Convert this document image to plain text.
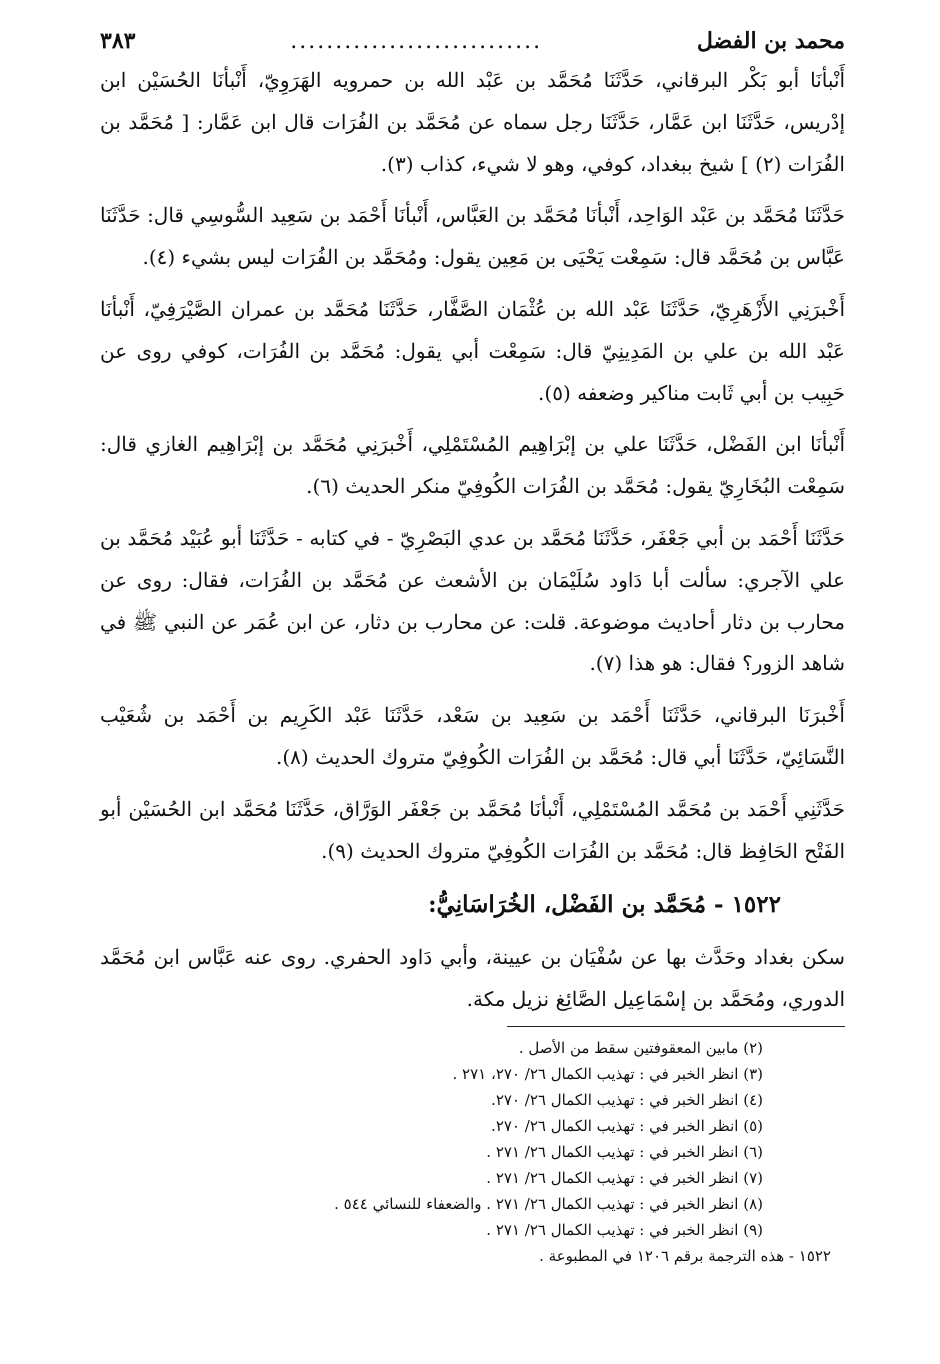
محمد بن الفضل
............................
٣٨٣

أَنْبأنَا أبو بَكْر البرقاني، حَدَّثَنَا مُحَمَّد بن عَبْد الله بن حمرويه الهَرَوِيّ، أَنْبأنَا الحُسَيْن ابن إدْريس، حَدَّثَنَا ابن عَمَّار، حَدَّثَنَا رجل سماه عن مُحَمَّد بن الفُرَات قال ابن عَمَّار: [ مُحَمَّد بن الفُرَات (٢) ] شيخ ببغداد، كوفي، وهو لا شيء، كذاب (٣).

حَدَّثَنَا مُحَمَّد بن عَبْد الوَاحِد، أَنْبأنَا مُحَمَّد بن العَبَّاس، أَنْبأنَا أَحْمَد بن سَعِيد السُّوسِي قال: حَدَّثَنَا عَبَّاس بن مُحَمَّد قال: سَمِعْت يَحْيَى بن مَعِين يقول: ومُحَمَّد بن الفُرَات ليس بشيء (٤).

أَخْبرَنِي الأَزْهَرِيّ، حَدَّثَنَا عَبْد الله بن عُثْمَان الصَّفَّار، حَدَّثَنَا مُحَمَّد بن عمران الصَّيْرَفِيّ، أَنْبأنَا عَبْد الله بن علي بن المَدِينِيّ قال: سَمِعْت أبي يقول: مُحَمَّد بن الفُرَات، كوفي روى عن حَبِيب بن أبي ثَابت مناكير وضعفه (٥).

أَنْبأنَا ابن الفَضْل، حَدَّثَنَا علي بن إبْرَاهِيم المُسْتَمْلِي، أَخْبرَنِي مُحَمَّد بن إبْرَاهِيم الغازي قال: سَمِعْت البُخَارِيّ يقول: مُحَمَّد بن الفُرَات الكُوفِيّ منكر الحديث (٦).

حَدَّثَنَا أَحْمَد بن أبي جَعْفَر، حَدَّثَنَا مُحَمَّد بن عدي البَصْرِيّ - في كتابه - حَدَّثَنَا أبو عُبَيْد مُحَمَّد بن علي الآجري: سألت أبا دَاود سُلَيْمَان بن الأشعث عن مُحَمَّد بن الفُرَات، فقال: روى عن محارب بن دثار أحاديث موضوعة. قلت: عن محارب بن دثار، عن ابن عُمَر عن النبي ﷺ في شاهد الزور؟ فقال: هو هذا (٧).

أَخْبرَنَا البرقاني، حَدَّثَنَا أَحْمَد بن سَعِيد بن سَعْد، حَدَّثَنَا عَبْد الكَرِيم بن أَحْمَد بن شُعَيْب النَّسَائِيّ، حَدَّثَنَا أبي قال: مُحَمَّد بن الفُرَات الكُوفِيّ متروك الحديث (٨).

حَدَّثَنِي أَحْمَد بن مُحَمَّد المُسْتَمْلِي، أَنْبأنَا مُحَمَّد بن جَعْفَر الوَرَّاق، حَدَّثَنَا مُحَمَّد ابن الحُسَيْن أبو الفَتْح الحَافِظ قال: مُحَمَّد بن الفُرَات الكُوفِيّ متروك الحديث (٩).

١٥٢٢ - مُحَمَّد بن الفَضْل، الخُرَاسَانِيُّ:

سكن بغداد وحَدَّث بها عن سُفْيَان بن عيينة، وأبي دَاود الحفري. روى عنه عَبَّاس ابن مُحَمَّد الدوري، ومُحَمَّد بن إسْمَاعِيل الصَّائِغ نزيل مكة.

(٢) مابين المعقوفتين سقط من الأصل .
(٣) انظر الخبر في : تهذيب الكمال ٢٦/ ٢٧٠، ٢٧١ .
(٤) انظر الخبر في : تهذيب الكمال ٢٦/ ٢٧٠.
(٥) انظر الخبر في : تهذيب الكمال ٢٦/ ٢٧٠.
(٦) انظر الخبر في : تهذيب الكمال ٢٦/ ٢٧١ .
(٧) انظر الخبر في : تهذيب الكمال ٢٦/ ٢٧١ .
(٨) انظر الخبر في : تهذيب الكمال ٢٦/ ٢٧١ . والضعفاء للنسائي ٥٤٤ .
(٩) انظر الخبر في : تهذيب الكمال ٢٦/ ٢٧١ .
١٥٢٢ - هذه الترجمة برقم ١٢٠٦ في المطبوعة .
